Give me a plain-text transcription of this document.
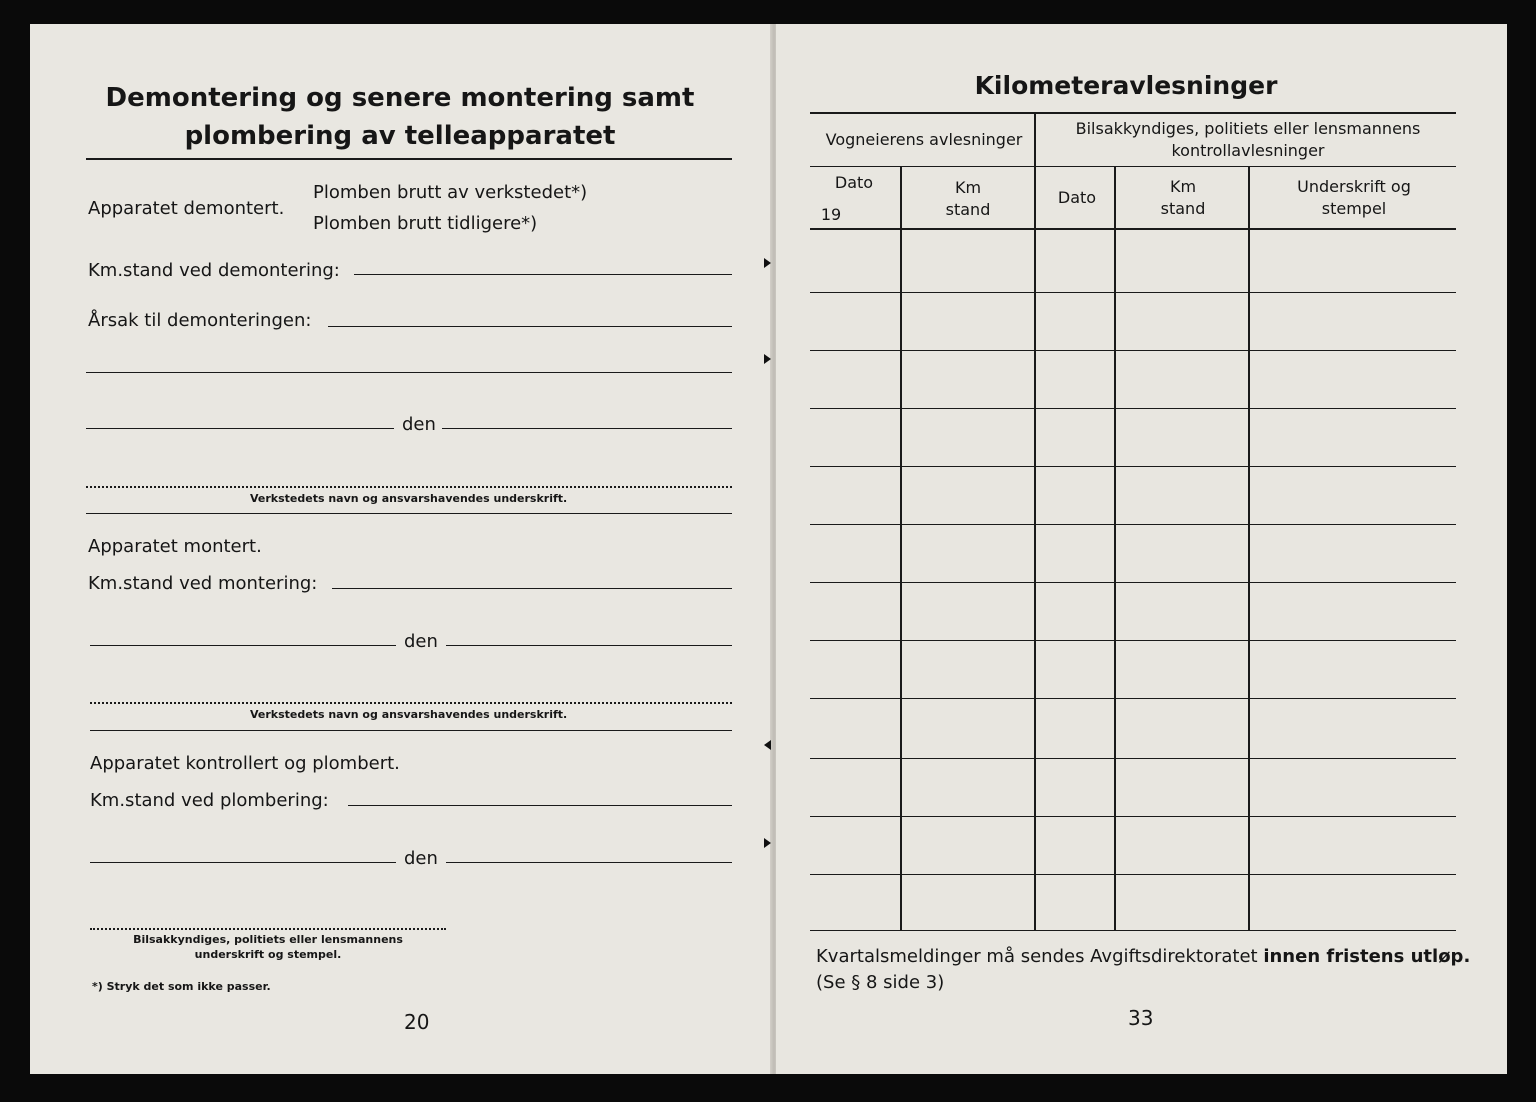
Demontering og senere montering samt
plombering av telleapparatet
Apparatet demontert.
Plomben brutt av verkstedet*)
Plomben brutt tidligere*)
Km.stand ved demontering:
Årsak til demonteringen:
den
Verkstedets navn og ansvarshavendes underskrift.
Apparatet montert.
Km.stand ved montering:
den
Verkstedets navn og ansvarshavendes underskrift.
Apparatet kontrollert og plombert.
Km.stand ved plombering:
den
Bilsakkyndiges, politiets eller lensmannens
underskrift og stempel.
*) Stryk det som ikke passer.
20
Kilometeravlesninger
Vogneierens avlesninger
Bilsakkyndiges, politiets eller lensmannens
kontrollavlesninger
Dato
19
Km
stand
Dato
Km
stand
Underskrift og
stempel
Kvartalsmeldinger må sendes Avgiftsdirektoratet innen fristens utløp.
(Se § 8 side 3)
33
